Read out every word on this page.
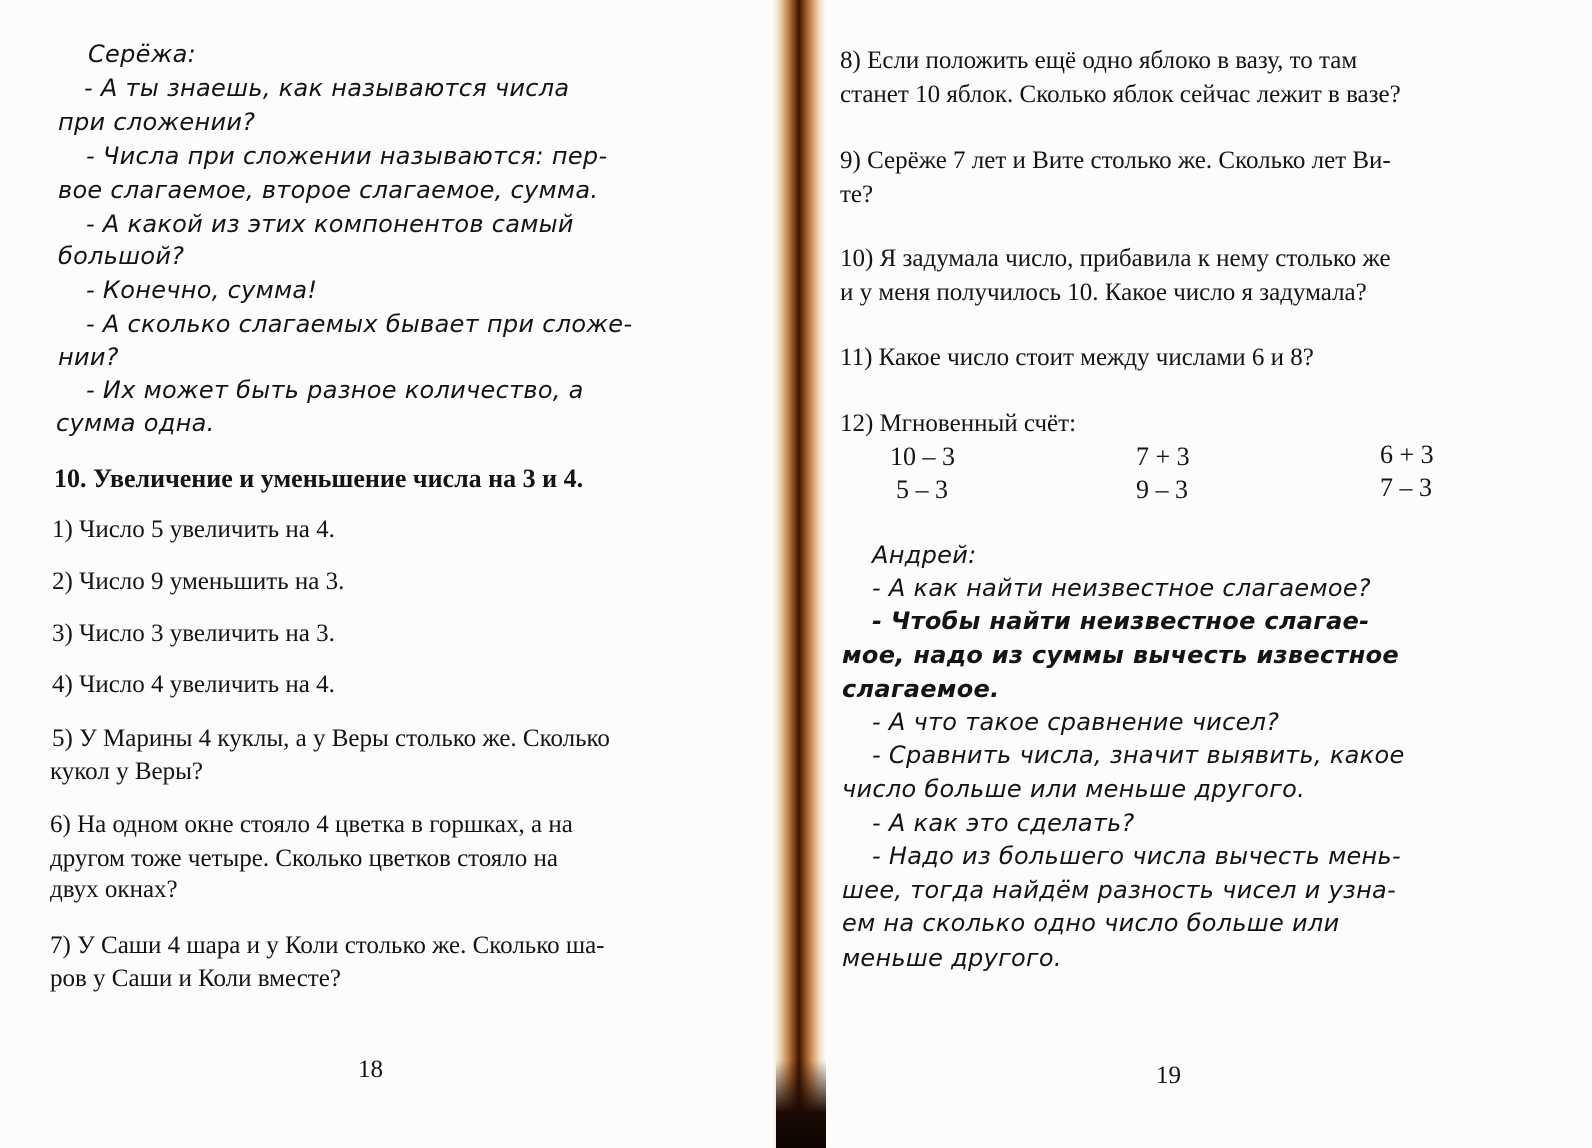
Серёжа:
- А ты знаешь, как называются числа
при сложении?
- Числа при сложении называются: пер-
вое слагаемое, второе слагаемое, сумма.
- А какой из этих компонентов самый
большой?
- Конечно, сумма!
- А сколько слагаемых бывает при сложе-
нии?
- Их может быть разное количество, а
сумма одна.
10. Увеличение и уменьшение числа на 3 и 4.
1) Число 5 увеличить на 4.
2) Число 9 уменьшить на 3.
3) Число 3 увеличить на 3.
4) Число 4 увеличить на 4.
5) У Марины 4 куклы, а у Веры столько же. Сколько
кукол у Веры?
6) На одном окне стояло 4 цветка в горшках, а на
другом тоже четыре. Сколько цветков стояло на
двух окнах?
7) У Саши 4 шара и у Коли столько же. Сколько ша-
ров у Саши и Коли вместе?
18
8) Если положить ещё одно яблоко в вазу, то там
станет 10 яблок. Сколько яблок сейчас лежит в вазе?
9) Серёже 7 лет и Вите столько же. Сколько лет Ви-
те?
10) Я задумала число, прибавила к нему столько же
и у меня получилось 10. Какое число я задумала?
11) Какое число стоит между числами 6 и 8?
12) Мгновенный счёт:
10 – 3	7 + 3	6 + 3
5 – 3	9 – 3	7 – 3
Андрей:
- А как найти неизвестное слагаемое?
- Чтобы найти неизвестное слагае-
мое, надо из суммы вычесть известное
слагаемое.
- А что такое сравнение чисел?
- Сравнить числа, значит выявить, какое
число больше или меньше другого.
- А как это сделать?
- Надо из большего числа вычесть мень-
шее, тогда найдём разность чисел и узна-
ем на сколько одно число больше или
меньше другого.
19
